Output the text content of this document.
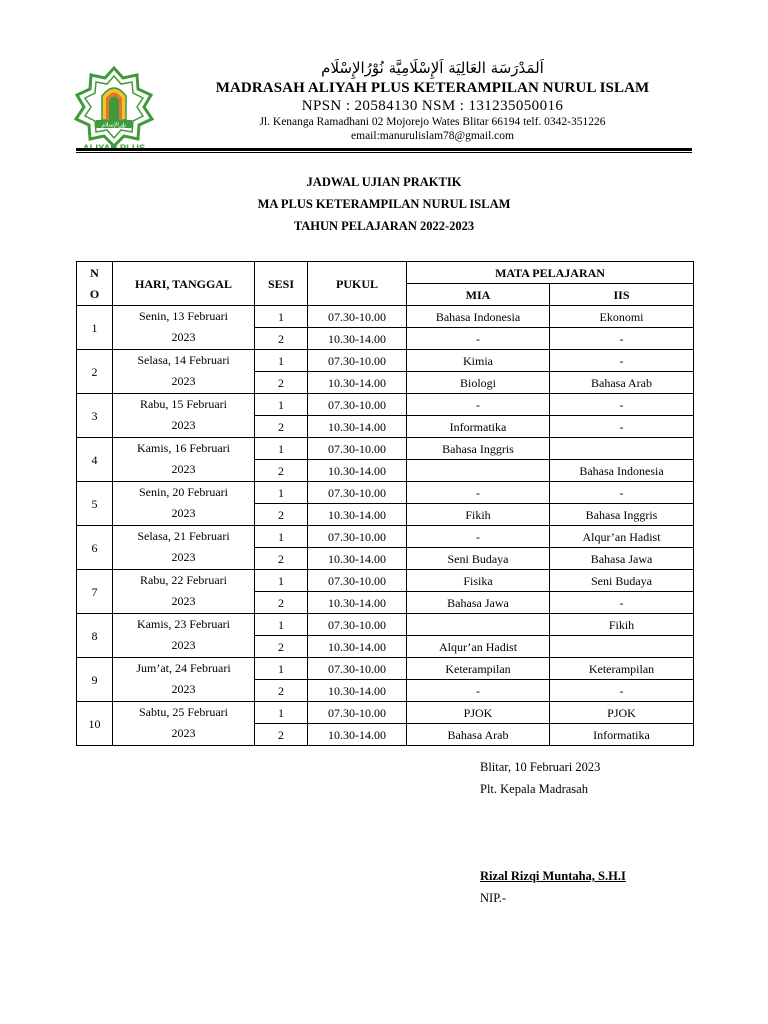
نوُرالإسلام
اَلمَدْرَسَة العَالِيَة اَلإِسْلَامِيَّة نُوْرُالإِسْلَام
MADRASAH ALIYAH PLUS KETERAMPILAN NURUL ISLAM
NPSN : 20584130 NSM : 131235050016
Jl. Kenanga Ramadhani 02 Mojorejo Wates Blitar 66194 telf. 0342-351226
email:manurulislam78@gmail.com
JADWAL UJIAN PRAKTIK
MA PLUS KETERAMPILAN NURUL ISLAM
TAHUN PELAJARAN 2022-2023
N
O	HARI, TANGGAL	SESI	PUKUL	MATA PELAJARAN	
				MIA	IIS
1	Senin, 13 Februari
2023	1	07.30-10.00	Bahasa Indonesia	Ekonomi
		2	10.30-14.00	-	-
2	Selasa, 14 Februari
2023	1	07.30-10.00	Kimia	-
		2	10.30-14.00	Biologi	Bahasa Arab
3	Rabu, 15 Februari
2023	1	07.30-10.00	-	-
		2	10.30-14.00	Informatika	-
4	Kamis, 16 Februari
2023	1	07.30-10.00	Bahasa Inggris	
		2	10.30-14.00		Bahasa Indonesia
5	Senin, 20 Februari
2023	1	07.30-10.00	-	-
		2	10.30-14.00	Fikih	Bahasa Inggris
6	Selasa, 21 Februari
2023	1	07.30-10.00	-	Alqur’an Hadist
		2	10.30-14.00	Seni Budaya	Bahasa Jawa
7	Rabu, 22 Februari
2023	1	07.30-10.00	Fisika	Seni Budaya
		2	10.30-14.00	Bahasa Jawa	-
8	Kamis, 23 Februari
2023	1	07.30-10.00		Fikih
		2	10.30-14.00	Alqur’an Hadist	
9	Jum’at, 24 Februari
2023	1	07.30-10.00	Keterampilan	Keterampilan
		2	10.30-14.00	-	-
10	Sabtu, 25 Februari
2023	1	07.30-10.00	PJOK	PJOK
		2	10.30-14.00	Bahasa Arab	Informatika
Blitar, 10 Februari 2023
Plt. Kepala Madrasah
Rizal Rizqi Muntaha, S.H.I
NIP.-
